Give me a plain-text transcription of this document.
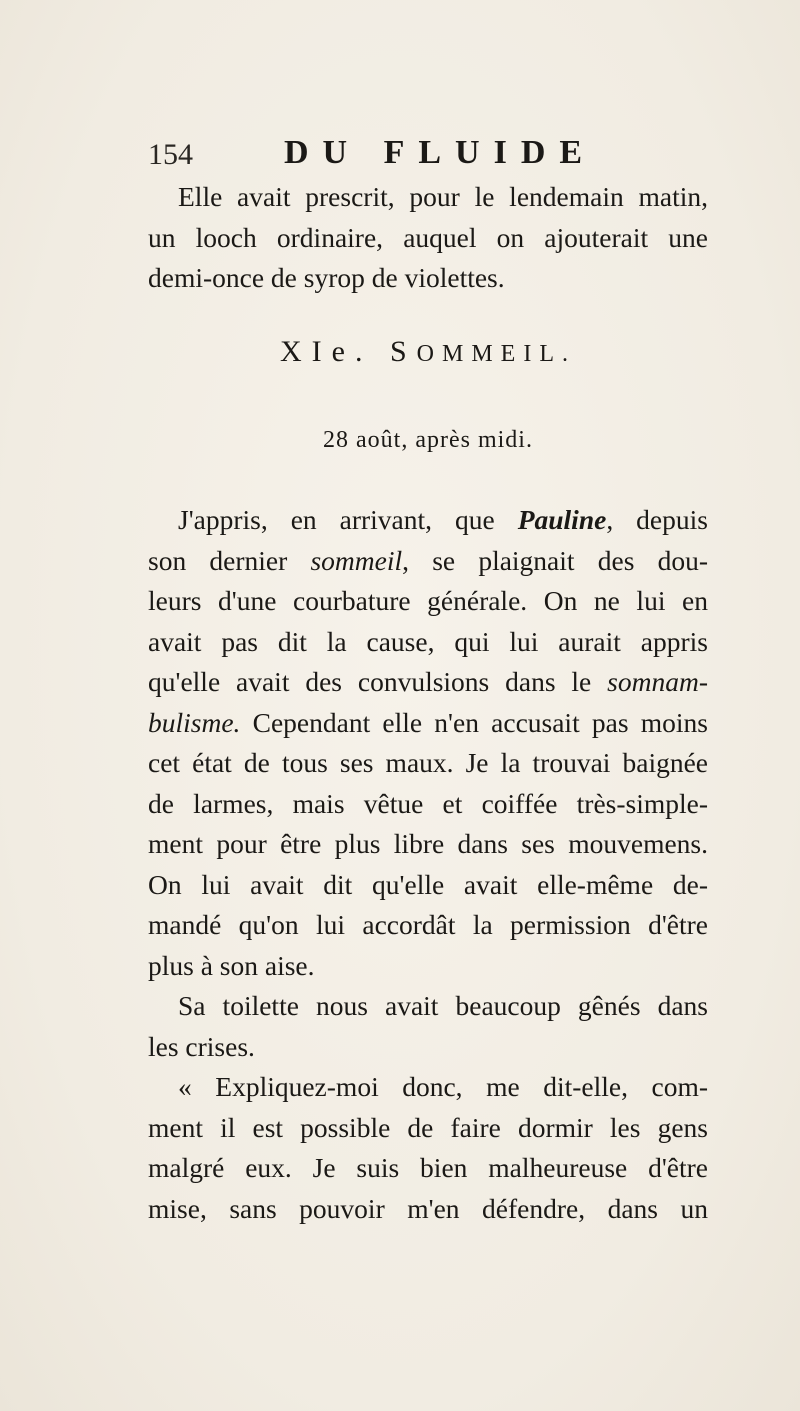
154	DU FLUIDE
Elle avait prescrit, pour le lendemain matin,
un looch ordinaire, auquel on ajouterait une
demi-once de syrop de violettes.
XIe. SOMMEIL.
28 août, après midi.
J'appris, en arrivant, que Pauline, depuis
son dernier sommeil, se plaignait des dou-
leurs d'une courbature générale. On ne lui en
avait pas dit la cause, qui lui aurait appris
qu'elle avait des convulsions dans le somnam-
bulisme. Cependant elle n'en accusait pas moins
cet état de tous ses maux. Je la trouvai baignée
de larmes, mais vêtue et coiffée très-simple-
ment pour être plus libre dans ses mouvemens.
On lui avait dit qu'elle avait elle-même de-
mandé qu'on lui accordât la permission d'être
plus à son aise.
Sa toilette nous avait beaucoup gênés dans
les crises.
« Expliquez-moi donc, me dit-elle, com-
ment il est possible de faire dormir les gens
malgré eux. Je suis bien malheureuse d'être
mise, sans pouvoir m'en défendre, dans un
